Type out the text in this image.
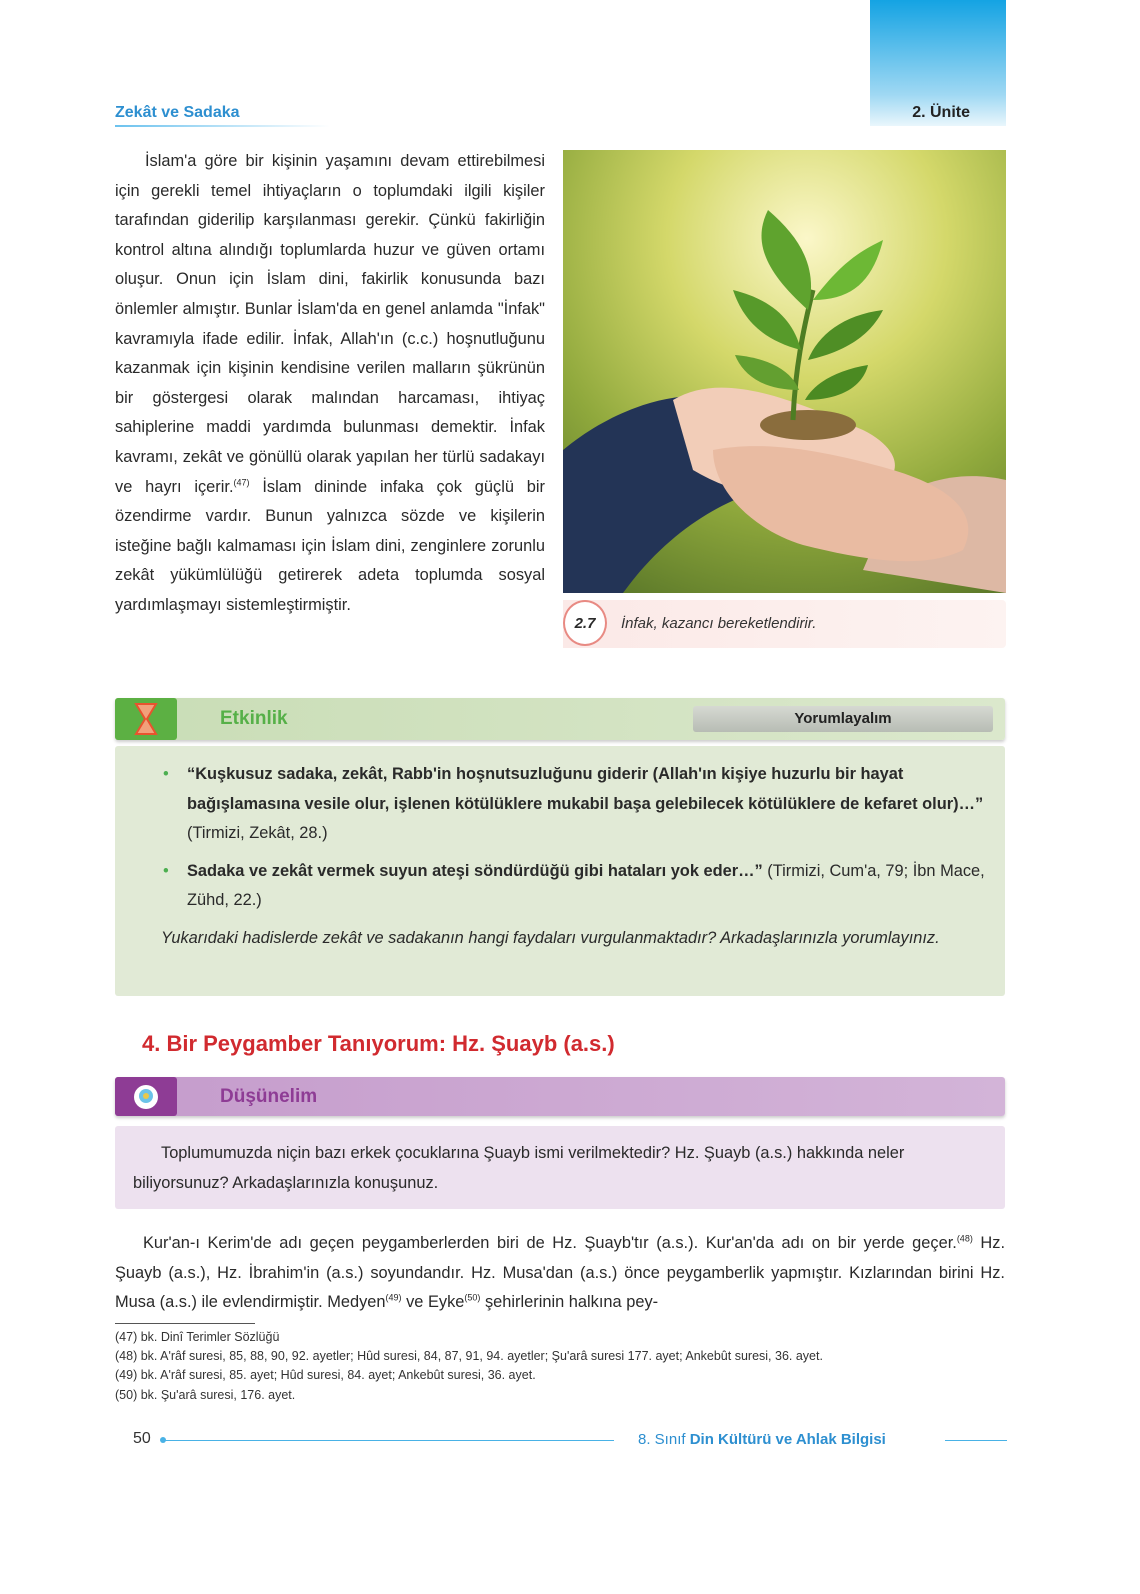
2. Ünite
Zekât ve Sadaka

İslam'a göre bir kişinin yaşamını devam ettirebilmesi için gerekli temel ihtiyaçların o toplumdaki ilgili kişiler tarafından giderilip karşılanması gerekir. Çünkü fakirliğin kontrol altına alındığı toplumlarda huzur ve güven ortamı oluşur. Onun için İslam dini, fakirlik konusunda bazı önlemler almıştır. Bunlar İslam'da en genel anlamda "İnfak" kavramıyla ifade edilir. İnfak, Allah'ın (c.c.) hoşnutluğunu kazanmak için kişinin kendisine verilen malların şükrünün bir göstergesi olarak malından harcaması, ihtiyaç sahiplerine maddi yardımda bulunması demektir. İnfak kavramı, zekât ve gönüllü olarak yapılan her türlü sadakayı ve hayrı içerir.$^{(47)}$ İslam dininde infaka çok güçlü bir özendirme vardır. Bunun yalnızca sözde ve kişilerin isteğine bağlı kalmaması için İslam dini, zenginlere zorunlu zekât yükümlülüğü getirerek adeta toplumda sosyal yardımlaşmayı sistemleştirmiştir.

2.7	İnfak, kazancı bereketlendirir.
Etkinlik	Yorumlayalım
• “Kuşkusuz sadaka, zekât, Rabb'in hoşnutsuzluğunu giderir (Allah'ın kişiye huzurlu bir hayat bağışlamasına vesile olur, işlenen kötülüklere mukabil başa gelebilecek kötülüklere de kefaret olur)…” (Tirmizi, Zekât, 28.)
• Sadaka ve zekât vermek suyun ateşi söndürdüğü gibi hataları yok eder…” (Tirmizi, Cum'a, 79; İbn Mace, Zühd, 22.)

Yukarıdaki hadislerde zekât ve sadakanın hangi faydaları vurgulanmaktadır? Arkadaşlarınızla yorumlayınız.

4. Bir Peygamber Tanıyorum: Hz. Şuayb (a.s.)
Düşünelim

Toplumumuzda niçin bazı erkek çocuklarına Şuayb ismi verilmektedir? Hz. Şuayb (a.s.) hakkında neler biliyorsunuz? Arkadaşlarınızla konuşunuz.

Kur'an-ı Kerim'de adı geçen peygamberlerden biri de Hz. Şuayb'tır (a.s.). Kur'an'da adı on bir yerde geçer.$^{(48)}$ Hz. Şuayb (a.s.), Hz. İbrahim'in (a.s.) soyundandır. Hz. Musa'dan (a.s.) önce peygamberlik yapmıştır. Kızlarından birini Hz. Musa (a.s.) ile evlendirmiştir. Medyen$^{(49)}$ ve Eyke$^{(50)}$ şehirlerinin halkına pey-

(47) bk. Dinî Terimler Sözlüğü
(48) bk. A'râf suresi, 85, 88, 90, 92. ayetler; Hûd suresi, 84, 87, 91, 94. ayetler; Şu'arâ suresi 177. ayet; Ankebût suresi, 36. ayet.
(49) bk. A'râf suresi, 85. ayet; Hûd suresi, 84. ayet; Ankebût suresi, 36. ayet.
(50) bk. Şu'arâ suresi, 176. ayet.
50	8. Sınıf Din Kültürü ve Ahlak Bilgisi
